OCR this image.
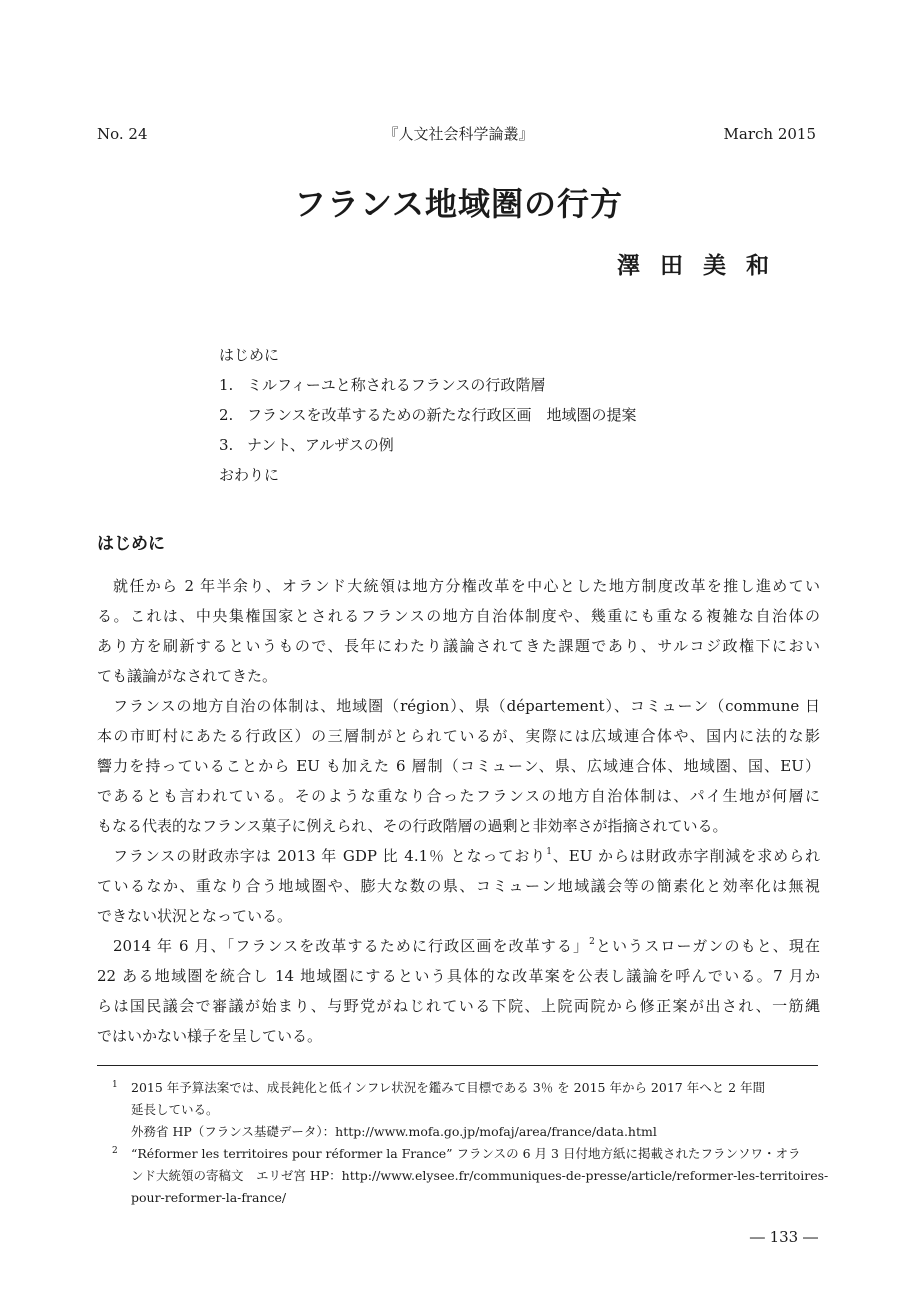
No. 24	『人文社会科学論叢』	March 2015
フランス地域圏の行方
澤田美和
はじめに
1. ミルフィーユと称されるフランスの行政階層
2. フランスを改革するための新たな行政区画　地域圏の提案
3. ナント、アルザスの例
おわりに
はじめに
就任から 2 年半余り、オランド大統領は地方分権改革を中心とした地方制度改革を推し進めてい
る。これは、中央集権国家とされるフランスの地方自治体制度や、幾重にも重なる複雑な自治体の
あり方を刷新するというもので、長年にわたり議論されてきた課題であり、サルコジ政権下におい
ても議論がなされてきた。
フランスの地方自治の体制は、地域圏（région）、県（département）、コミューン（commune 日
本の市町村にあたる行政区）の三層制がとられているが、実際には広域連合体や、国内に法的な影
響力を持っていることから EU も加えた 6 層制（コミューン、県、広域連合体、地域圏、国、EU）
であるとも言われている。そのような重なり合ったフランスの地方自治体制は、パイ生地が何層に
もなる代表的なフランス菓子に例えられ、その行政階層の過剰と非効率さが指摘されている。
フランスの財政赤字は 2013 年 GDP 比 4.1％ となっており$^1$、EU からは財政赤字削減を求められ
ているなか、重なり合う地域圏や、膨大な数の県、コミューン地域議会等の簡素化と効率化は無視
できない状況となっている。
2014 年 6 月、「フランスを改革するために行政区画を改革する」$^2$というスローガンのもと、現在
22 ある地域圏を統合し 14 地域圏にするという具体的な改革案を公表し議論を呼んでいる。7 月か
らは国民議会で審議が始まり、与野党がねじれている下院、上院両院から修正案が出され、一筋縄
ではいかない様子を呈している。
1 2015 年予算法案では、成長鈍化と低インフレ状況を鑑みて目標である 3％ を 2015 年から 2017 年へと 2 年間
延長している。
外務省 HP（フランス基礎データ）：http://www.mofa.go.jp/mofaj/area/france/data.html
2 “Réformer les territoires pour réformer la France” フランスの 6 月 3 日付地方紙に掲載されたフランソワ・オラ
ンド大統領の寄稿文　エリゼ宮 HP：http://www.elysee.fr/communiques-de-presse/article/reformer-les-territoires-
pour-reformer-la-france/
― 133 ―
